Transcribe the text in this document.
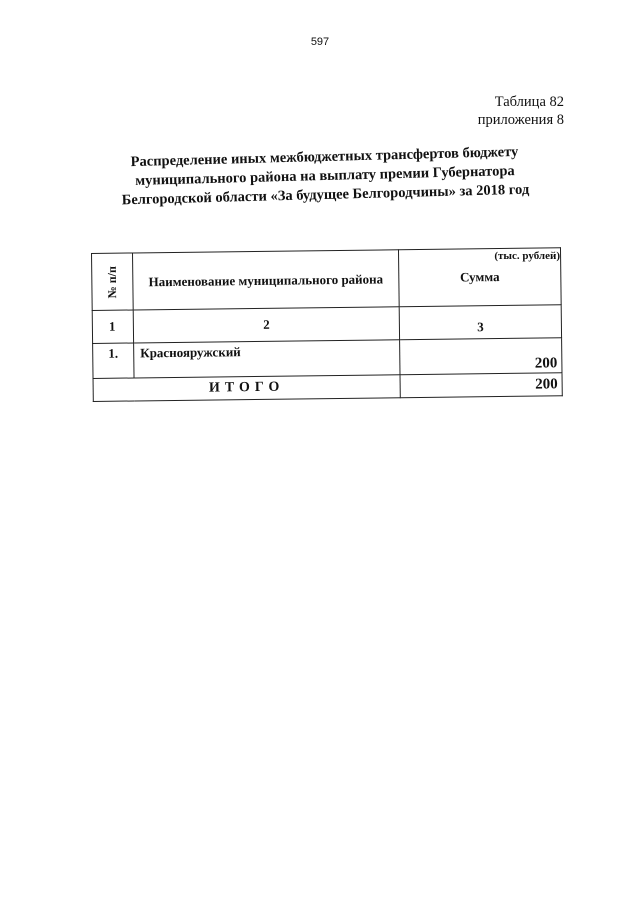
597
Таблица 82
приложения 8
Распределение иных межбюджетных трансфертов бюджету
муниципального района на выплату премии Губернатора
Белгородской области «За будущее Белгородчины» за 2018 год
(тыс. рублей)
№ п/п	Наименование муниципального района	Сумма
1	2	3
1.	Краснояружский	200
ИТОГО		200
